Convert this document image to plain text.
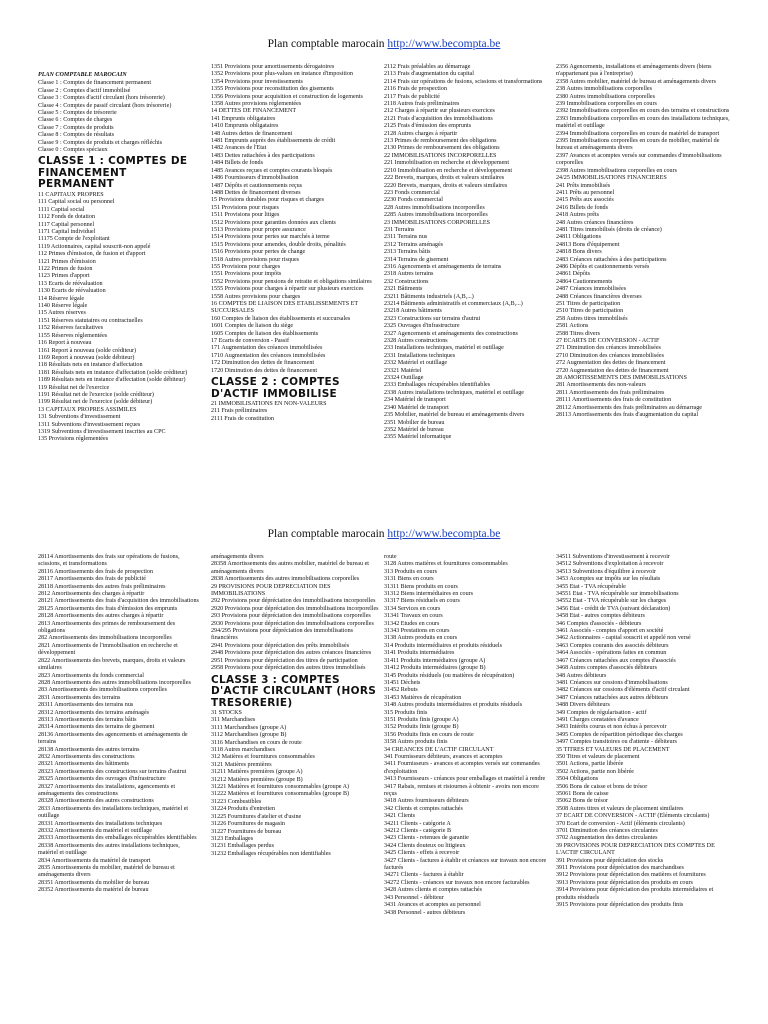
Plan comptable marocain http://www.becompta.be
PLAN COMPTABLE MAROCAIN
Classe 1 : Comptes de financement permanent
Classe 2 : Comptes d'actif immobilisé
Classe 3 : Comptes d'actif circulant (hors trésorerie)
Classe 4 : Comptes de passif circulant (hors trésorerie)
Classe 5 : Comptes de trésorerie
Classe 6 : Comptes de charges
Classe 7 : Comptes de produits
Classe 8 : Comptes de résultats
Classe 9 : Comptes de produits et charges réfléchis
Classe 0 : Comptes spéciaux
CLASSE 1 : COMPTES DE FINANCEMENT PERMANENT
11 CAPITAUX PROPRES
111 Capital social ou personnel
1111 Capital social
1112 Fonds de dotation
1117 Capital personnel
1171 Capital individuel
11175 Compte de l'exploitant
1119 Actionnaires, capital souscrit-non appelé
112 Primes d'émission, de fusion et d'apport
1121 Primes d'émission
1122 Primes de fusion
1123 Primes d'apport
113 Ecarts de réévaluation
1130 Ecarts de réévaluation
114 Réserve légale
1140 Réserve légale
115 Autres réserves
1151 Réserves statutaires ou contractuelles
1152 Réserves facultatives
1155 Réserves réglementées
116 Report à nouveau
1161 Report à nouveau (solde créditeur)
1169 Report à nouveau (solde débiteur)
118 Résultats nets en instance d'affectation
1181 Résultats nets en instance d'affectation (solde créditeur)
1189 Résultats nets en instance d'affectation (solde débiteur)
119 Résultat net de l'exercice
1191 Résultat net de l'exercice (solde créditeur)
1199 Résultat net de l'exercice (solde débiteur)
13 CAPITAUX PROPRES ASSIMILES
131 Subventions d'investissement
1311 Subventions d'investissement reçues
1319 Subventions d'investissement inscrites au CPC
135 Provisions réglementées
1351 Provisions pour amortissements dérogatoires
1352 Provisions pour plus-values en instance d'imposition
1354 Provisions pour investissements
1355 Provisions pour reconstitution des gisements
1356 Provisions pour acquisition et construction de logements
1358 Autres provisions réglementées
14 DETTES DE FINANCEMENT
141 Emprunts obligataires
1410 Emprunts obligataires
148 Autres dettes de financement
1481 Emprunts auprès des établissements de crédit
1482 Avances de l'Etat
1483 Dettes rattachées à des participations
1484 Billets de fonds
1485 Avances reçues et comptes courants bloqués
1486 Fournisseurs d'immobilisation
1487 Dépôts et cautionnements reçus
1488 Dettes de financement diverses
15 Provisions durables pour risques et charges
151 Provisions pour risques
1511 Provisions pour litiges
1512 Provisions pour garanties données aux clients
1513 Provisions pour propre assurance
1514 Provisions pour pertes sur marchés à terme
1515 Provisions pour amendes, double droits, pénalités
1516 Provisions pour pertes de change
1518 Autres provisions pour risques
155 Provisions pour charges
1551 Provisions pour impôts
1552 Provisions pour pensions de retraite et obligations similaires
1555 Provisions pour charges à répartir sur plusieurs exercices
1558 Autres provisions pour charges
16 COMPTES DE LIAISON DES ETABLISSEMENTS ET SUCCURSALES
160 Comptes de liaison des établissements et succursales
1601 Comptes de liaison du siège
1605 Comptes de liaison des établissements
17 Ecarts de conversion - Passif
171 Augmentation des créances immobilisées
1710 Augmentation des créances immobilisées
172 Diminution des dettes de financement
1720 Diminution des dettes de financement
CLASSE 2 : COMPTES D'ACTIF IMMOBILISE
21 IMMOBILISATIONS EN NON-VALEURS
211 Frais préliminaires
2111 Frais de constitution
2112 Frais préalables au démarrage
2113 Frais d'augmentation du capital
2114 Frais sur opérations de fusions, scissions et transformations
2116 Frais de prospection
2117 Frais de publicité
2118 Autres frais préliminaires
212 Charges à répartir sur plusieurs exercices
2121 Frais d'acquisition des immobilisations
2125 Frais d'émission des emprunts
2128 Autres charges à répartir
213 Primes de remboursement des obligations
2130 Primes de remboursement des obligations
22 IMMOBILISATIONS INCORPORELLES
221 Immobilisation en recherche et développement
2210 Immobilisation en recherche et développement
222 Brevets, marques, droits et valeurs similaires
2220 Brevets, marques, droits et valeurs similaires
223 Fonds commercial
2230 Fonds commercial
228 Autres immobilisations incorporelles
2285 Autres immobilisations incorporelles
23 IMMOBILISATIONS CORPORELLES
231 Terrains
2311 Terrains nus
2312 Terrains aménagés
2313 Terrains bâtis
2314 Terrains de gisement
2316 Agencements et aménagements de terrains
2318 Autres terrains
232 Constructions
2321 Bâtiments
23211 Bâtiments industriels (A,B,...)
23214 Bâtiments administratifs et commerciaux (A,B,...)
23218 Autres bâtiments
2323 Constructions sur terrains d'autrui
2325 Ouvrages d'infrastructure
2327 Agencements et aménagements des constructions
2328 Autres constructions
233 Installations techniques, matériel et outillage
2331 Installations techniques
2332 Matériel et outillage
23321 Matériel
23324 Outillage
2333 Emballages récupérables identifiables
2338 Autres installations techniques, matériel et outillage
234 Matériel de transport
2340 Matériel de transport
235 Mobilier, matériel de bureau et aménagements divers
2351 Mobilier de bureau
2352 Matériel de bureau
2355 Matériel informatique
2356 Agencements, installations et aménagements divers (biens n'appartenant pas à l'entreprise)
2358 Autres mobilier, matériel de bureau et aménagements divers
238 Autres immobilisations corporelles
2380 Autres immobilisations corporelles
239 Immobilisations corporelles en cours
2392 Immobilisations corporelles en cours des terrains et constructions
2393 Immobilisations corporelles en cours des installations techniques, matériel et outillage
2394 Immobilisations corporelles en cours de matériel de transport
2395 Immobilisations corporelles en cours de mobilier, matériel de bureau et aménagements divers
2397 Avances et acomptes versés sur commandes d'immobilisations corporelles
2398 Autres immobilisations corporelles en cours
24/25 IMMOBILISATIONS FINANCIERES
241 Prêts immobilisés
2411 Prêts au personnel
2415 Prêts aux associés
2416 Billets de fonds
2418 Autres prêts
248 Autres créances financières
2481 Titres immobilisés (droits de créance)
24811 Obligations
24813 Bons d'équipement
24818 Bons divers
2483 Créances rattachées à des participations
2486 Dépôts et cautionnements versés
24861 Dépôts
24864 Cautionnements
2487 Créances immobilisées
2488 Créances financières diverses
251 Titres de participation
2510 Titres de participation
258 Autres titres immobilisés
2581 Actions
2588 Titres divers
27 ECARTS DE CONVERSION - ACTIF
271 Diminution des créances immobilisées
2710 Diminution des créances immobilisées
272 Augmentation des dettes de financement
2720 Augmentation des dettes de financement
28 AMORTISSEMENTS DES IMMOBILISATIONS
281 Amortissements des non-valeurs
2811 Amortissements des frais préliminaires
28111 Amortissements des frais de constitution
28112 Amortissements des frais préliminaires au démarrage
28113 Amortissements des frais d'augmentation du capital
Plan comptable marocain http://www.becompta.be
28114 Amortissements des frais sur opérations de fusions, scissions, et transformations
28116 Amortissements des frais de prospection
28117 Amortissements des frais de publicité
28118 Amortissements des autres frais préliminaires
2812 Amortissements des charges à répartir
28121 Amortissements des frais d'acquisition des immobilisations
28125 Amortissements des frais d'émission des emprunts
28128 Amortissements des autres charges à répartir
2813 Amortissements des primes de remboursement des obligations
282 Amortissements des immobilisations incorporelles
2821 Amortissements de l'immobilisation en recherche et développement
2822 Amortissements des brevets, marques, droits et valeurs similaires
2823 Amortissements du fonds commercial
2828 Amortissements des autres immobilisations incorporelles
283 Amortissements des immobilisations corporelles
2831 Amortissements des terrains
28311 Amortissements des terrains nus
28312 Amortissements des terrains aménagés
28313 Amortissements des terrains bâtis
28314 Amortissements des terrains de gisement
28136 Amortissements des agencements et aménagements de terrains
28138 Amortissements des autres terrains
2832 Amortissements des constructions
28321 Amortissements des bâtiments
28323 Amortissements des constructions sur terrains d'autrui
28325 Amortissements des ouvrages d'infrastructure
28327 Amortissements des installations, agencements et aménagements des constructions
28328 Amortissements des autres constructions
2833 Amortissements des installations techniques, matériel et outillage
28331 Amortissements des installations techniques
28332 Amortissements du matériel et outillage
28333 Amortissements des emballages récupérables identifiables
28338 Amortissements des autres installations techniques, matériel et outillage
2834 Amortissements du matériel de transport
2835 Amortissements du mobilier, matériel de bureau et aménagements divers
28351 Amortissements du mobilier de bureau
28352 Amortissements du matériel de bureau
aménagements divers
28358 Amortissements des autres mobilier, matériel de bureau et aménagements divers
2838 Amortissements des autres immobilisations corporelles
29 PROVISIONS POUR DEPRECIATION DES IMMOBILISATIONS
292 Provisions pour dépréciation des immobilisations incorporelles
2920 Provisions pour dépréciation des immobilisations incorporelles
293 Provisions pour dépréciation des immobilisations corporelles
2930 Provisions pour dépréciation des immobilisations corporelles
294/295 Provisions pour dépréciation des immobilisations financières
2941 Provisions pour dépréciation des prêts immobilisés
2948 Provisions pour dépréciation des autres créances financières
2951 Provisions pour dépréciation des titres de participation
2958 Provisions pour dépréciation des autres titres immobilisés
CLASSE 3 : COMPTES D'ACTIF CIRCULANT (HORS TRESORERIE)
31 STOCKS
311 Marchandises
3111 Marchandises (groupe A)
3112 Marchandises (groupe B)
3116 Marchandises en cours de route
3118 Autres marchandises
312 Matières et fournitures consommables
3121 Matières premières
31211 Matières premières (groupe A)
31212 Matières premières (groupe B)
31221 Matières et fournitures consommables (groupe A)
31222 Matières et fournitures consommables (groupe B)
31223 Combustibles
31224 Produits d'entretien
31225 Fournitures d'atelier et d'usine
31226 Fournitures de magasin
31227 Fournitures de bureau
3123 Emballages
31231 Emballages perdus
31232 Emballages récupérables non identifiables
route
3128 Autres matières et fournitures consommables
313 Produits en cours
3131 Biens en cours
31311 Biens produits en cours
31312 Biens intermédiaires en cours
31317 Biens résiduels en cours
3134 Services en cours
31341 Travaux en cours
31342 Etudes en cours
31343 Prestations en cours
3138 Autres produits en cours
314 Produits intermédiaires et produits résiduels
3141 Produits intermédiaires
31411 Produits intermédiaires (groupe A)
31412 Produits intermédiaires (groupe B)
3145 Produits résiduels (ou matières de récupération)
31451 Déchets
31452 Rebuts
31453 Matières de récupération
3148 Autres produits intermédiaires et produits résiduels
315 Produits finis
3151 Produits finis (groupe A)
3152 Produits finis (groupe B)
3156 Produits finis en cours de route
3158 Autres produits finis
34 CREANCES DE L'ACTIF CIRCULANT
341 Fournisseurs débiteurs, avances et acomptes
3411 Fournisseurs - avances et acomptes versés sur commandes d'exploitation
3413 Fournisseurs - créances pour emballages et matériel à rendre
3417 Rabais, remises et ristournes à obtenir - avoirs non encore reçus
3418 Autres fournisseurs débiteurs
342 Clients et comptes rattachés
3421 Clients
34211 Clients - catégorie A
34212 Clients - catégorie B
3423 Clients - retenues de garantie
3424 Clients douteux ou litigieux
3425 Clients - effets à recevoir
3427 Clients - factures à établir et créances sur travaux non encore facturés
34271 Clients - factures à établir
34272 Clients - créances sur travaux non encore facturables
3428 Autres clients et comptes rattachés
343 Personnel - débiteur
3431 Avances et acomptes au personnel
3438 Personnel - autres débiteurs
34511 Subventions d'investissement à recevoir
34512 Subventions d'exploitation à recevoir
34513 Subventions d'équilibre à recevoir
3453 Acomptes sur impôts sur les résultats
3455 Etat - TVA récupérable
34551 Etat - TVA récupérable sur immobilisations
34552 Etat - TVA récupérable sur les charges
3456 Etat - crédit de TVA (suivant déclaration)
3458 Etat - autres comptes débiteurs
346 Comptes d'associés - débiteurs
3461 Associés - comptes d'apport en société
3462 Actionnaires - capital souscrit et appelé non versé
3463 Comptes courants des associés débiteurs
3464 Associés - opérations faites en commun
3467 Créances rattachées aux comptes d'associés
3468 Autres comptes d'associés débiteurs
348 Autres débiteurs
3481 Créances sur cessions d'immobilisations
3482 Créances sur cessions d'éléments d'actif circulant
3487 Créances rattachées aux autres débiteurs
3488 Divers débiteurs
349 Comptes de régularisation - actif
3491 Charges constatées d'avance
3493 Intérêts courus et non échus à percevoir
3495 Comptes de répartition périodique des charges
3497 Comptes transitoires ou d'attente - débiteurs
35 TITRES ET VALEURS DE PLACEMENT
350 Titres et valeurs de placement
3501 Actions, partie libérée
3502 Actions, partie non libérée
3504 Obligations
3506 Bons de caisse et bons de trésor
35061 Bons de caisse
35062 Bons de trésor
3508 Autres titres et valeurs de placement similaires
37 ECART DE CONVERSION - ACTIF (Eléments circulants)
370 Ecart de conversion - Actif (éléments circulants)
3701 Diminution des créances circulantes
3702 Augmentation des dettes circulantes
39 PROVISIONS POUR DEPRECIATION DES COMPTES DE L'ACTIF CIRCULANT
391 Provisions pour dépréciation des stocks
3911 Provisions pour dépréciation des marchandises
3912 Provisions pour dépréciation des matières et fournitures
3913 Provisions pour dépréciation des produits en cours
3914 Provisions pour dépréciation des produits intermédiaires et produits résiduels
3915 Provisions pour dépréciation des produits finis
